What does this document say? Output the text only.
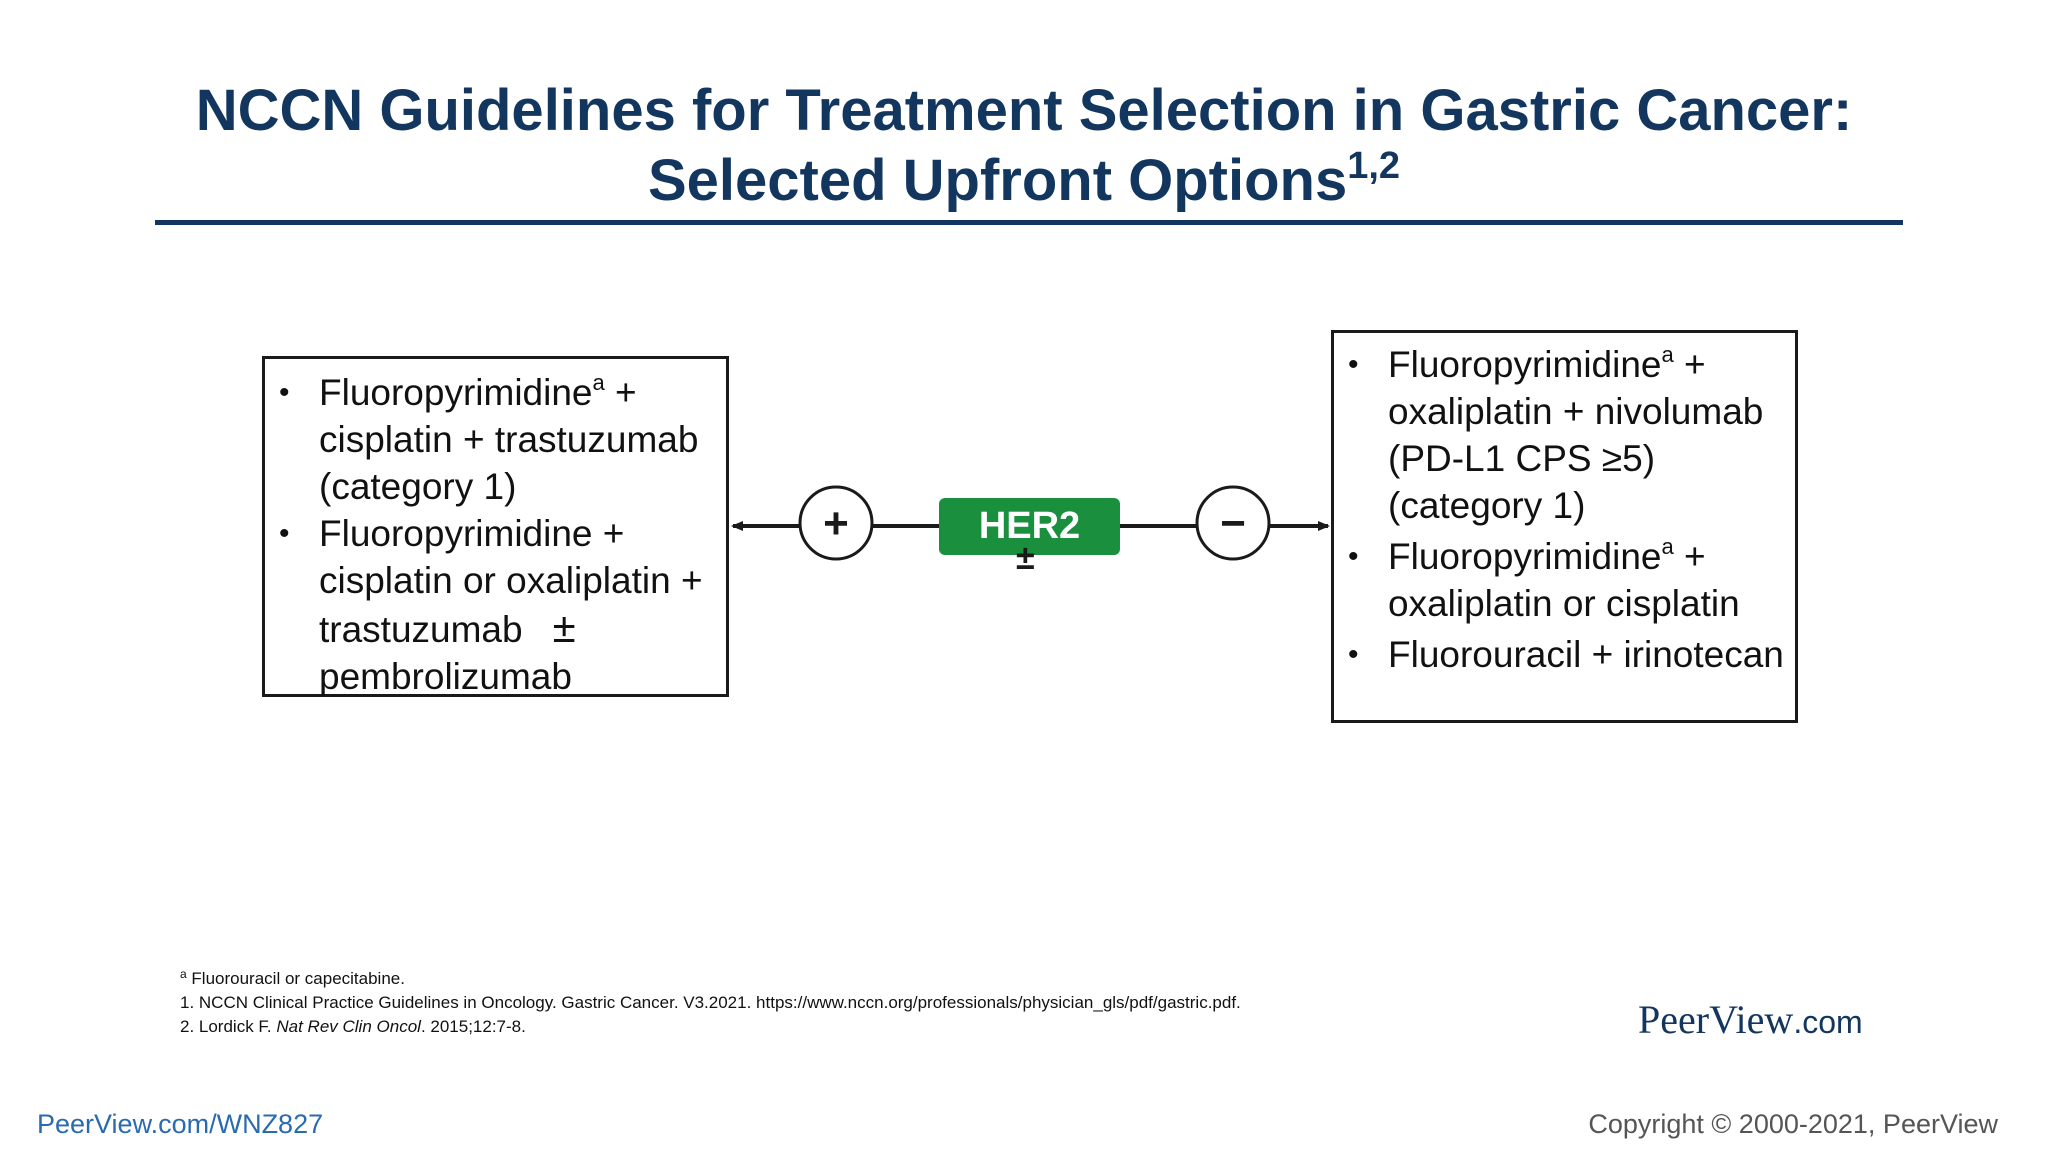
NCCN Guidelines for Treatment Selection in Gastric Cancer:
Selected Upfront Options$^{1,2}$
+	−
HER2
±
• Fluoropyrimidine$^a$ + cisplatin + trastuzumab (category 1)
• Fluoropyrimidine + cisplatin or oxaliplatin + trastuzumab ±
pembrolizumab
• Fluoropyrimidine$^a$ + oxaliplatin + nivolumab (PD-L1 CPS ≥5) (category 1)
• Fluoropyrimidine$^a$ + oxaliplatin or cisplatin
• Fluorouracil + irinotecan
$^a$ Fluorouracil or capecitabine.
1. NCCN Clinical Practice Guidelines in Oncology. Gastric Cancer. V3.2021. https://www.nccn.org/professionals/physician_gls/pdf/gastric.pdf.
2. Lordick F. Nat Rev Clin Oncol. 2015;12:7-8.	PeerView.com
PeerView.com/WNZ827	Copyright © 2000-2021, PeerView
